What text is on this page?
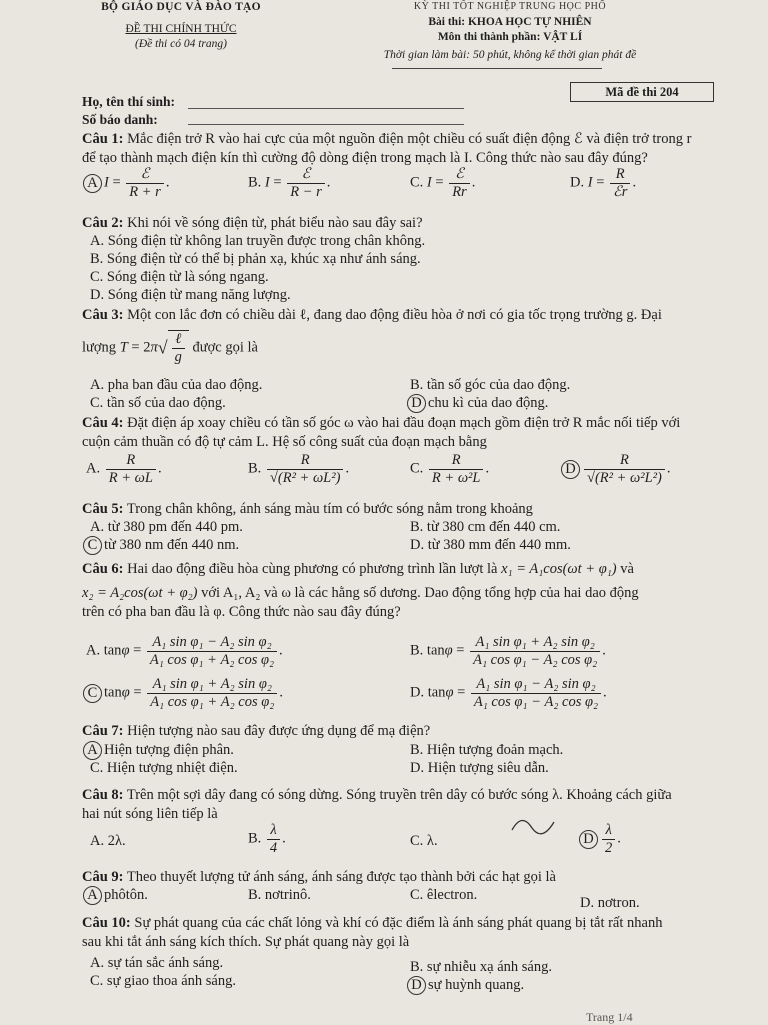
BỘ GIÁO DỤC VÀ ĐÀO TẠO
ĐỀ THI CHÍNH THỨC
(Đề thi có 04 trang)
KỲ THI TỐT NGHIỆP TRUNG HỌC PHỔ
Bài thi: KHOA HỌC TỰ NHIÊN
Môn thi thành phần: VẬT LÍ
Thời gian làm bài: 50 phút, không kể thời gian phát đề
Mã đề thi 204
Họ, tên thí sinh:
Số báo danh:
Câu 1: Mắc điện trở R vào hai cực của một nguồn điện một chiều có suất điện động ℰ và điện trở trong r
để tạo thành mạch điện kín thì cường độ dòng điện trong mạch là I. Công thức nào sau đây đúng?
A $I = \frac{\text{ℰ}}{R + r}$ .	B. $I = \frac{\text{ℰ}}{R - r}$ .	C. $I = \frac{\text{ℰ}}{Rr}$ .	D. $I = \frac{R}{\text{ℰr}}$ .
Câu 2: Khi nói về sóng điện từ, phát biểu nào sau đây sai?
A. Sóng điện từ không lan truyền được trong chân không.
B. Sóng điện từ có thể bị phản xạ, khúc xạ như ánh sáng.
C. Sóng điện từ là sóng ngang.
D. Sóng điện từ mang năng lượng.
Câu 3: Một con lắc đơn có chiều dài ℓ, đang dao động điều hòa ở nơi có gia tốc trọng trường g. Đại
lượng $T = 2\pi√ \frac{\text{ℓ}}{g}$ được gọi là
A. pha ban đầu của dao động.	B. tần số góc của dao động.
C. tần số của dao động.	D chu kì của dao động.
Câu 4: Đặt điện áp xoay chiều có tần số góc ω vào hai đầu đoạn mạch gồm điện trở R mắc nối tiếp với
cuộn cảm thuần có độ tự cảm L. Hệ số công suất của đoạn mạch bằng
A. $\frac{R}{R + \omega L}$ .	B. $\frac{R}{\text{√(R² + ωL²)}}$ .	C. $\frac{R}{\text{R + ω²L}}$ .	D $\frac{R}{\text{√(R² + ω²L²)}}$ .
Câu 5: Trong chân không, ánh sáng màu tím có bước sóng nằm trong khoảng
A. từ 380 pm đến 440 pm.	B. từ 380 cm đến 440 cm.
C từ 380 nm đến 440 nm.	D. từ 380 mm đến 440 mm.
Câu 6: Hai dao động điều hòa cùng phương có phương trình lần lượt là x₁ = A₁cos(ωt + φ₁) và
x₂ = A₂cos(ωt + φ₂) với A₁, A₂ và ω là các hằng số dương. Dao động tổng hợp của hai dao động
trên có pha ban đầu là φ. Công thức nào sau đây đúng?
A. $\tan\varphi = \frac{\text{A₁ sin φ₁ − A₂ sin φ₂}}{\text{A₁ cos φ₁ + A₂ cos φ₂}}$ .	B. $\tan\varphi = \frac{\text{A₁ sin φ₁ + A₂ sin φ₂}}{\text{A₁ cos φ₁ − A₂ cos φ₂}}$ .
C $\tan\varphi = \frac{\text{A₁ sin φ₁ + A₂ sin φ₂}}{\text{A₁ cos φ₁ + A₂ cos φ₂}}$ .	D. $\tan\varphi = \frac{\text{A₁ sin φ₁ − A₂ sin φ₂}}{\text{A₁ cos φ₁ − A₂ cos φ₂}}$ .
Câu 7: Hiện tượng nào sau đây được ứng dụng để mạ điện?
A Hiện tượng điện phân.	B. Hiện tượng đoản mạch.
C. Hiện tượng nhiệt điện.	D. Hiện tượng siêu dẫn.
Câu 8: Trên một sợi dây đang có sóng dừng. Sóng truyền trên dây có bước sóng λ. Khoảng cách giữa
hai nút sóng liên tiếp là
A. 2λ.	B. $\frac{\lambda}{4}$ .	C. λ.	D $\frac{\lambda}{2}$ .
Câu 9: Theo thuyết lượng tử ánh sáng, ánh sáng được tạo thành bởi các hạt gọi là
A phôtôn.	B. nơtrinô.	C. êlectron.	D. nơtron.
Câu 10: Sự phát quang của các chất lỏng và khí có đặc điểm là ánh sáng phát quang bị tắt rất nhanh
sau khi tắt ánh sáng kích thích. Sự phát quang này gọi là
A. sự tán sắc ánh sáng.	B. sự nhiễu xạ ánh sáng.
C. sự giao thoa ánh sáng.	D sự huỳnh quang.
Trang 1/4
